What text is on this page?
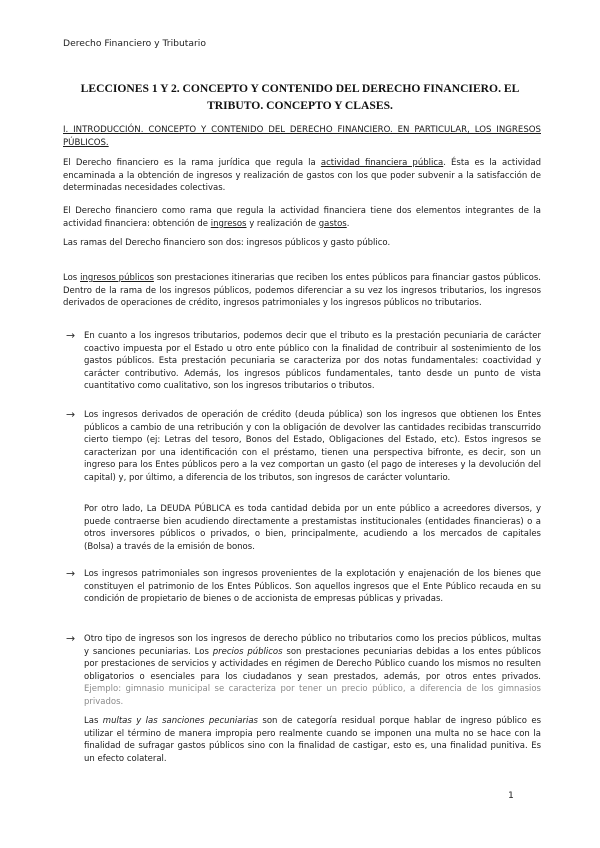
Derecho Financiero y Tributario
LECCIONES 1 Y 2. CONCEPTO Y CONTENIDO DEL DERECHO FINANCIERO. EL
TRIBUTO. CONCEPTO Y CLASES.
I. INTRODUCCIÓN. CONCEPTO Y CONTENIDO DEL DERECHO FINANCIERO. EN PARTICULAR, LOS INGRESOS PÚBLICOS.
El Derecho financiero es la rama jurídica que regula la actividad financiera pública. Ésta es la actividad encaminada a la obtención de ingresos y realización de gastos con los que poder subvenir a la satisfacción de determinadas necesidades colectivas.
El Derecho financiero como rama que regula la actividad financiera tiene dos elementos integrantes de la actividad financiera: obtención de ingresos y realización de gastos.
Las ramas del Derecho financiero son dos: ingresos públicos y gasto público.
Los ingresos públicos son prestaciones itinerarias que reciben los entes públicos para financiar gastos públicos. Dentro de la rama de los ingresos públicos, podemos diferenciar a su vez los ingresos tributarios, los ingresos derivados de operaciones de crédito, ingresos patrimoniales y los ingresos públicos no tributarios.
→ En cuanto a los ingresos tributarios, podemos decir que el tributo es la prestación pecuniaria de carácter coactivo impuesta por el Estado u otro ente público con la finalidad de contribuir al sostenimiento de los gastos públicos. Esta prestación pecuniaria se caracteriza por dos notas fundamentales: coactividad y carácter contributivo. Además, los ingresos públicos fundamentales, tanto desde un punto de vista cuantitativo como cualitativo, son los ingresos tributarios o tributos.
→ Los ingresos derivados de operación de crédito (deuda pública) son los ingresos que obtienen los Entes públicos a cambio de una retribución y con la obligación de devolver las cantidades recibidas transcurrido cierto tiempo (ej: Letras del tesoro, Bonos del Estado, Obligaciones del Estado, etc). Estos ingresos se caracterizan por una identificación con el préstamo, tienen una perspectiva bifronte, es decir, son un ingreso para los Entes públicos pero a la vez comportan un gasto (el pago de intereses y la devolución del capital) y, por último, a diferencia de los tributos, son ingresos de carácter voluntario.
Por otro lado, La DEUDA PÚBLICA es toda cantidad debida por un ente público a acreedores diversos, y puede contraerse bien acudiendo directamente a prestamistas institucionales (entidades financieras) o a otros inversores públicos o privados, o bien, principalmente, acudiendo a los mercados de capitales (Bolsa) a través de la emisión de bonos.
→ Los ingresos patrimoniales son ingresos provenientes de la explotación y enajenación de los bienes que constituyen el patrimonio de los Entes Públicos. Son aquellos ingresos que el Ente Público recauda en su condición de propietario de bienes o de accionista de empresas públicas y privadas.
→ Otro tipo de ingresos son los ingresos de derecho público no tributarios como los precios públicos, multas y sanciones pecuniarias. Los precios públicos son prestaciones pecuniarias debidas a los entes públicos por prestaciones de servicios y actividades en régimen de Derecho Público cuando los mismos no resulten obligatorios o esenciales para los ciudadanos y sean prestados, además, por otros entes privados. Ejemplo: gimnasio municipal se caracteriza por tener un precio público, a diferencia de los gimnasios privados.
Las multas y las sanciones pecuniarias son de categoría residual porque hablar de ingreso público es utilizar el término de manera impropia pero realmente cuando se imponen una multa no se hace con la finalidad de sufragar gastos públicos sino con la finalidad de castigar, esto es, una finalidad punitiva. Es un efecto colateral.
1
